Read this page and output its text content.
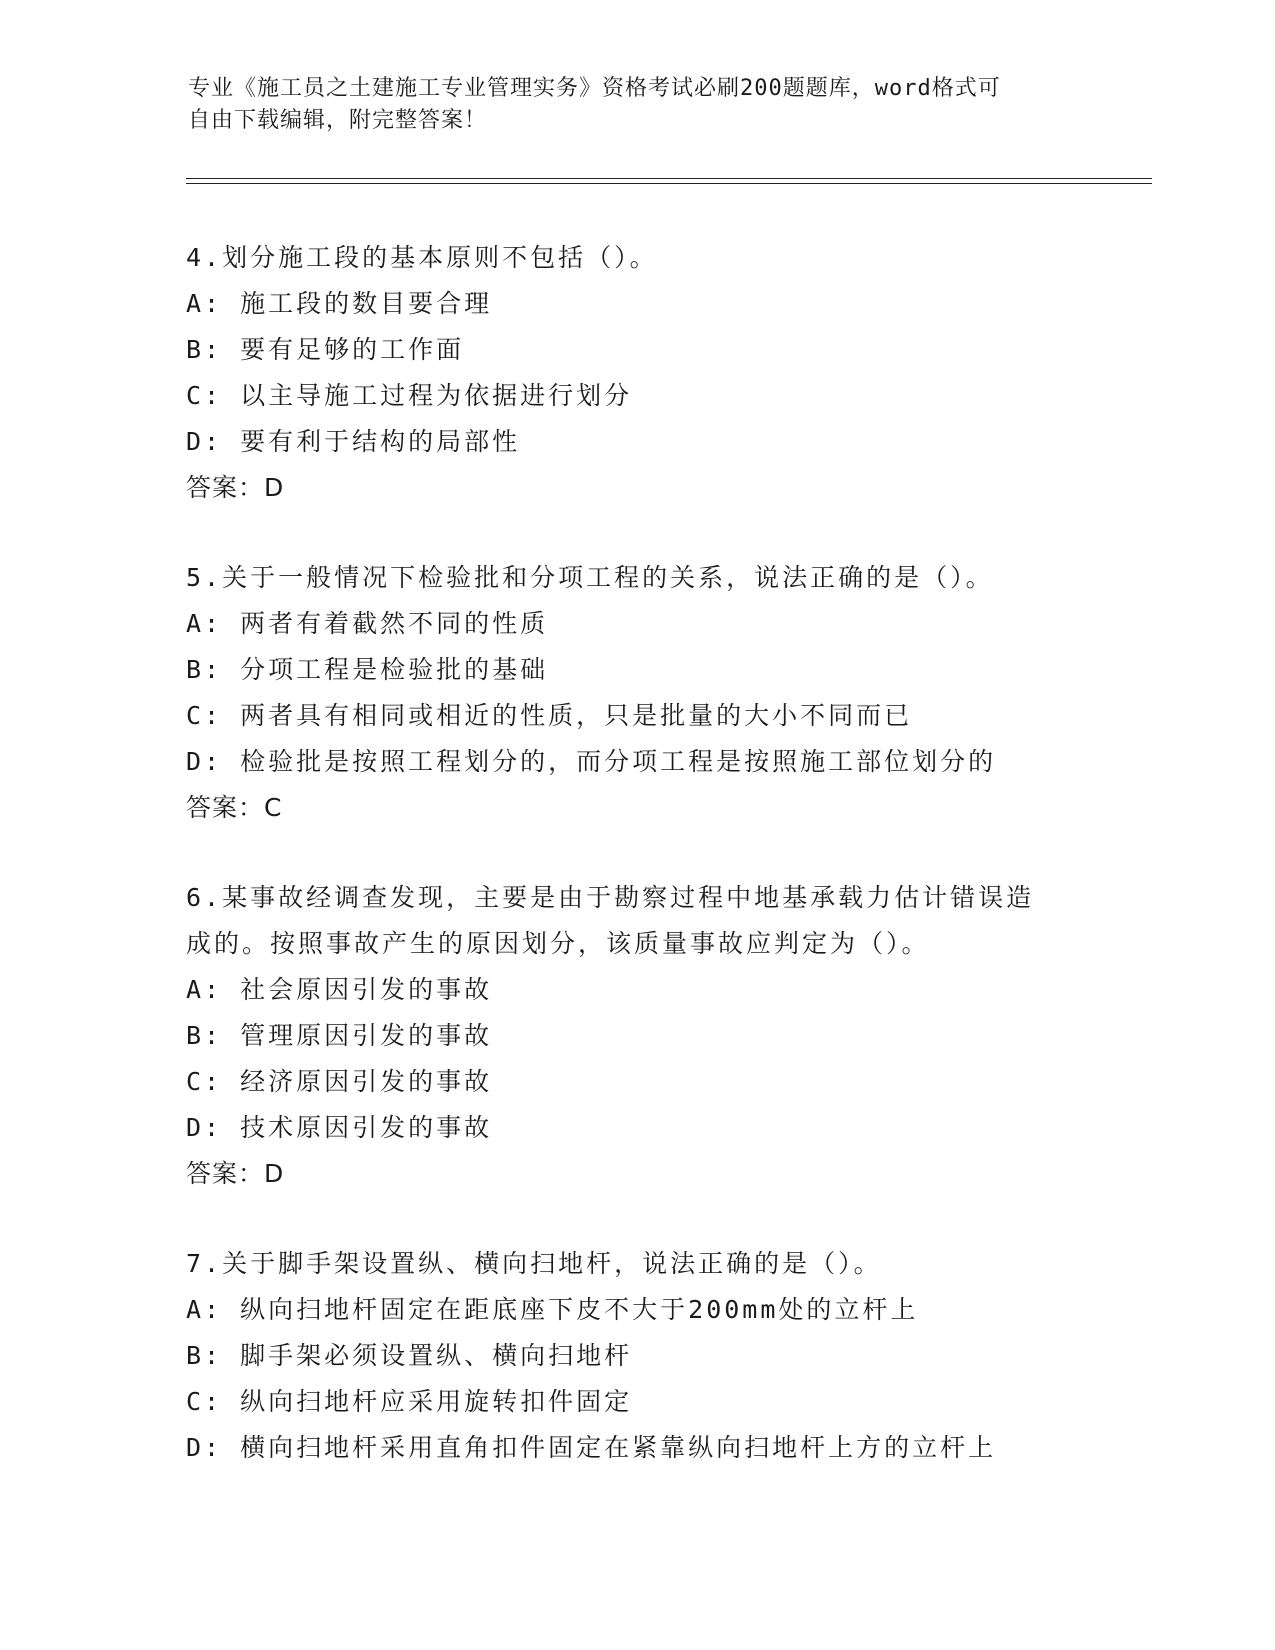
专业《施工员之土建施工专业管理实务》资格考试必刷200题题库，word格式可
自由下载编辑，附完整答案！
4.划分施工段的基本原则不包括（）。
A: 施工段的数目要合理
B: 要有足够的工作面
C: 以主导施工过程为依据进行划分
D: 要有利于结构的局部性
答案：D
5.关于一般情况下检验批和分项工程的关系，说法正确的是（）。
A: 两者有着截然不同的性质
B: 分项工程是检验批的基础
C: 两者具有相同或相近的性质，只是批量的大小不同而已
D: 检验批是按照工程划分的，而分项工程是按照施工部位划分的
答案：C
6.某事故经调查发现，主要是由于勘察过程中地基承载力估计错误造
成的。按照事故产生的原因划分，该质量事故应判定为（）。
A: 社会原因引发的事故
B: 管理原因引发的事故
C: 经济原因引发的事故
D: 技术原因引发的事故
答案：D
7.关于脚手架设置纵、横向扫地杆，说法正确的是（）。
A: 纵向扫地杆固定在距底座下皮不大于200mm处的立杆上
B: 脚手架必须设置纵、横向扫地杆
C: 纵向扫地杆应采用旋转扣件固定
D: 横向扫地杆采用直角扣件固定在紧靠纵向扫地杆上方的立杆上
